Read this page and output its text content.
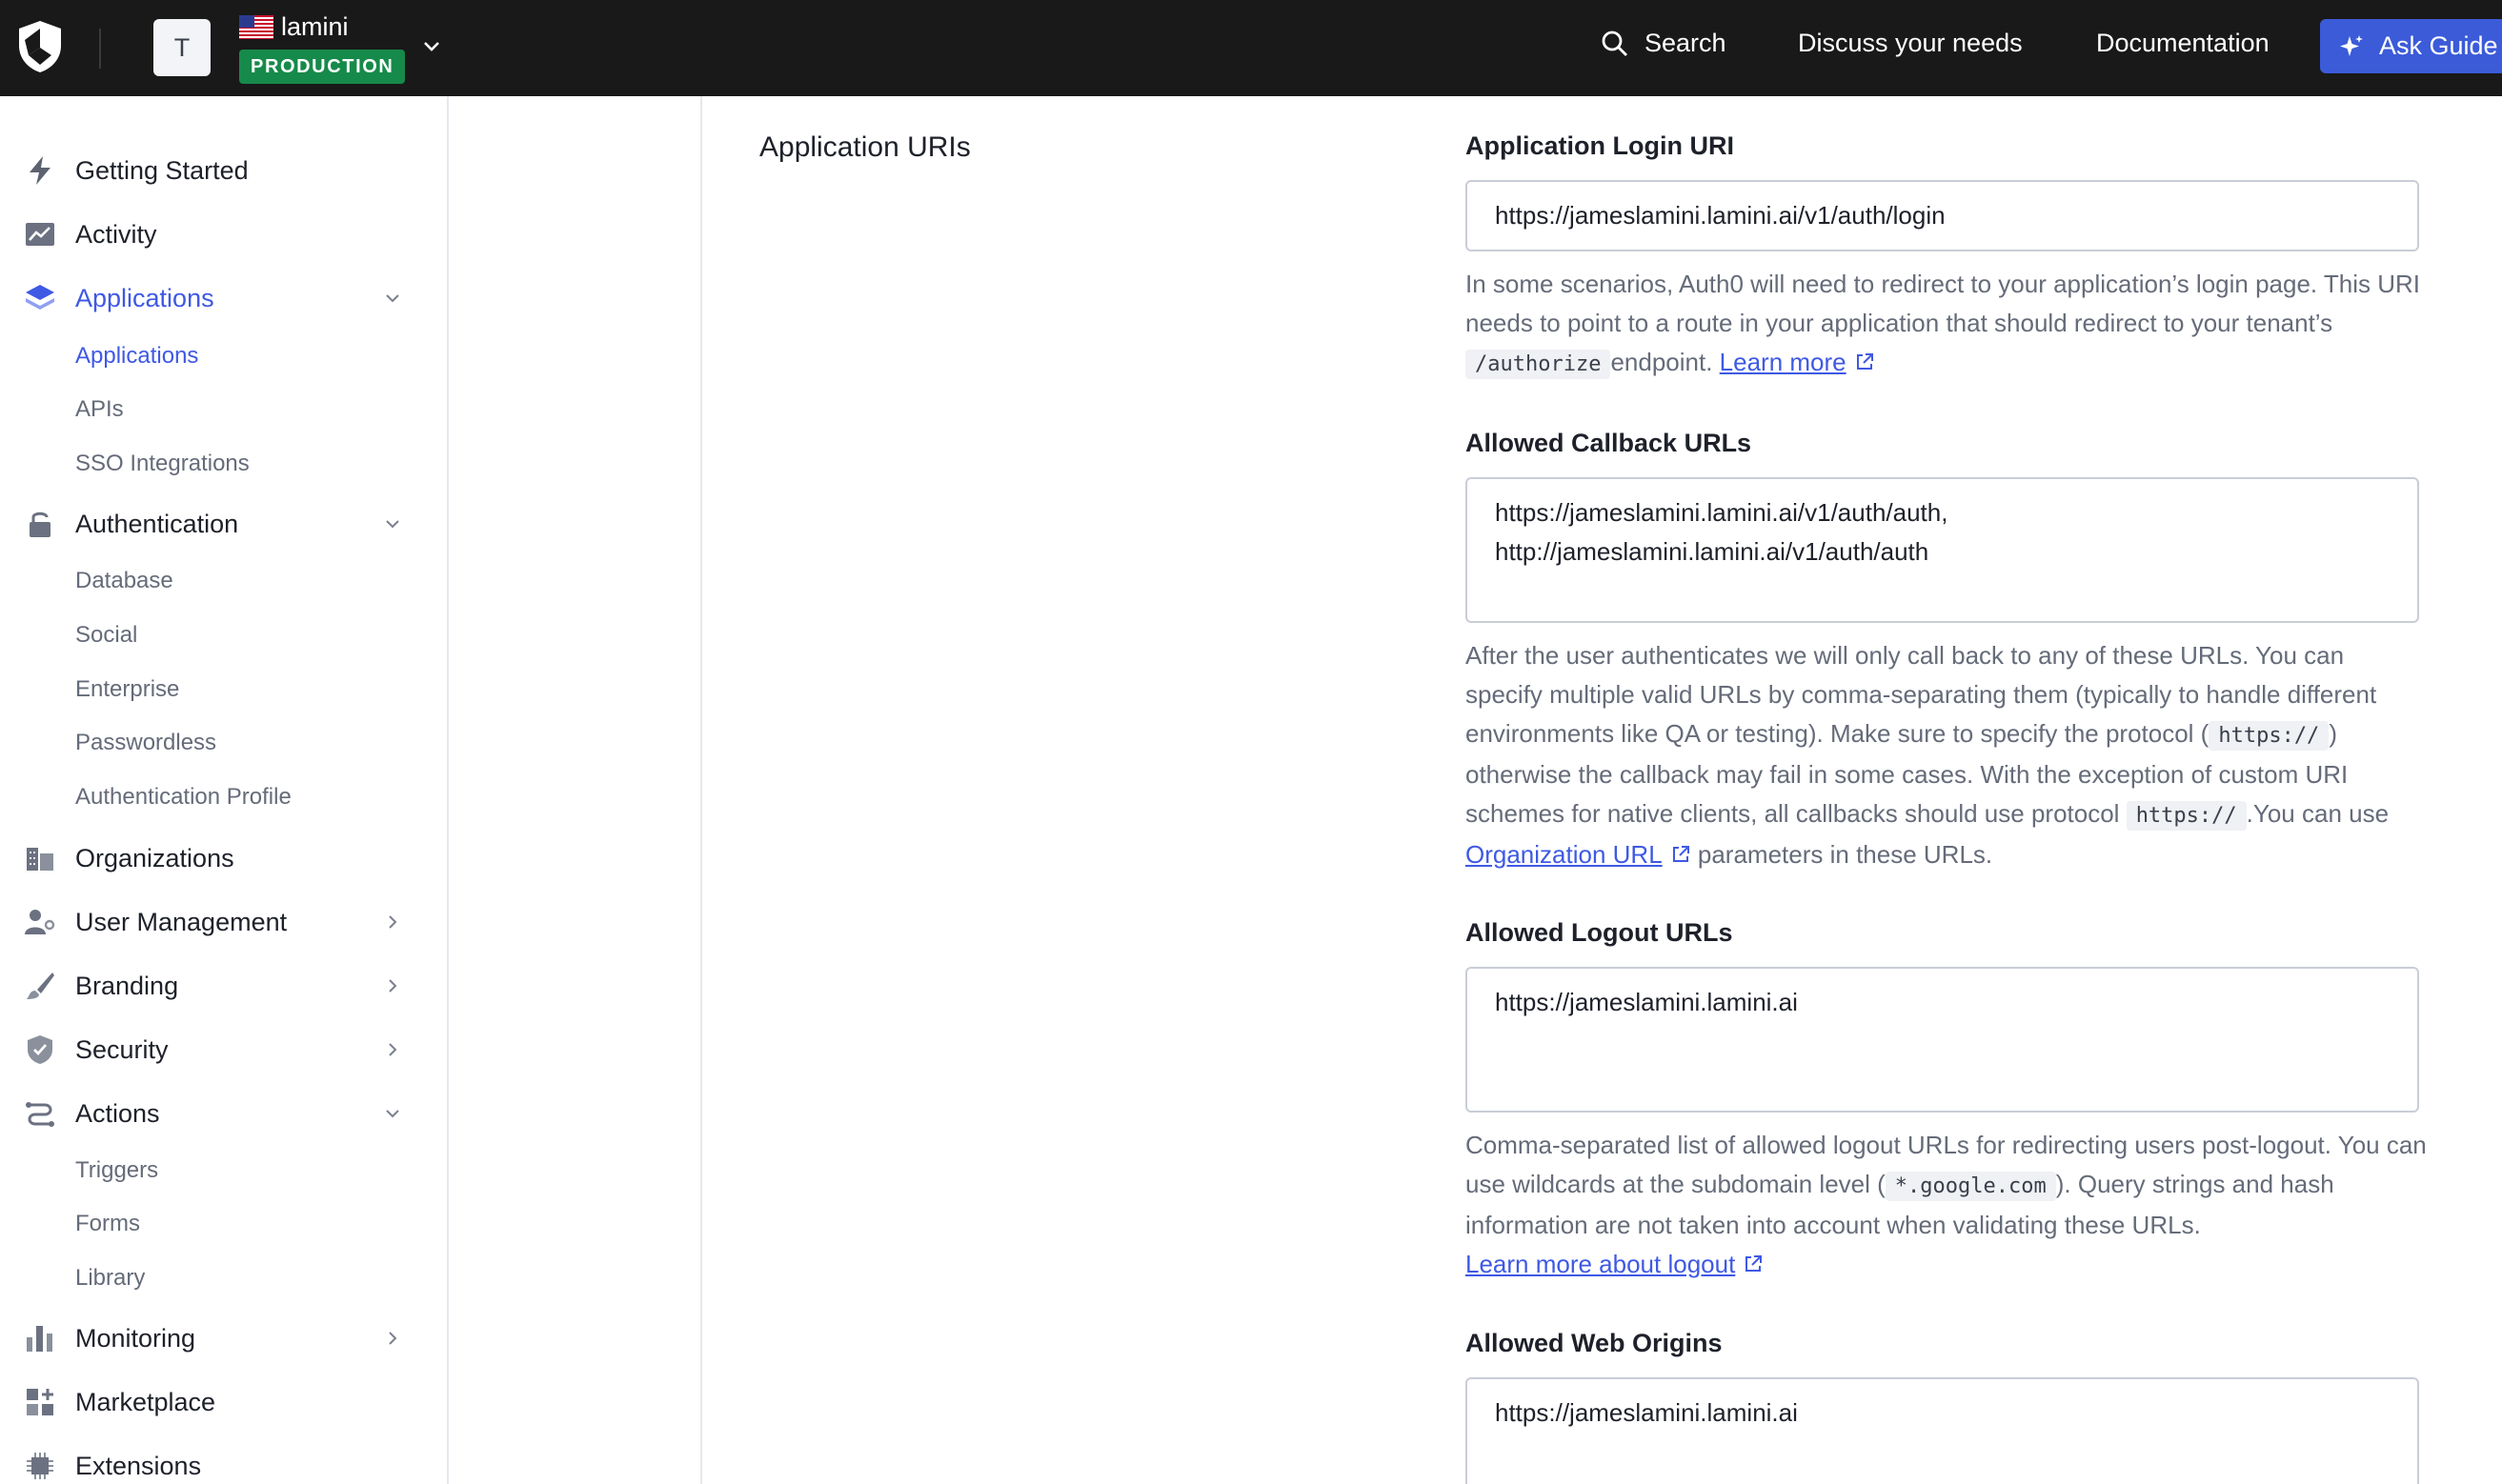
T
lamini
PRODUCTION
Search	Discuss your needs	Documentation	Ask Guide
Getting Started
Activity
Applications
Applications
APIs
SSO Integrations
Authentication
Database
Social
Enterprise
Passwordless
Authentication Profile
Organizations
User Management
Branding
Security
Actions
Triggers
Forms
Library
Monitoring
Marketplace
Extensions
Application URIs	Application Login URI
https://jameslamini.lamini.ai/v1/auth/login
In some scenarios, Auth0 will need to redirect to your application’s login page. This URI needs to point to a route in your application that should redirect to your tenant’s /authorize endpoint. Learn more
Allowed Callback URLs
https://jameslamini.lamini.ai/v1/auth/auth,
http://jameslamini.lamini.ai/v1/auth/auth
After the user authenticates we will only call back to any of these URLs. You can specify multiple valid URLs by comma-separating them (typically to handle different environments like QA or testing). Make sure to specify the protocol ( https:// ) otherwise the callback may fail in some cases. With the exception of custom URI schemes for native clients, all callbacks should use protocol https:// .You can use Organization URL parameters in these URLs.
Allowed Logout URLs
https://jameslamini.lamini.ai
Comma-separated list of allowed logout URLs for redirecting users post-logout. You can use wildcards at the subdomain level ( *.google.com ). Query strings and hash information are not taken into account when validating these URLs.
Learn more about logout
Allowed Web Origins
https://jameslamini.lamini.ai
